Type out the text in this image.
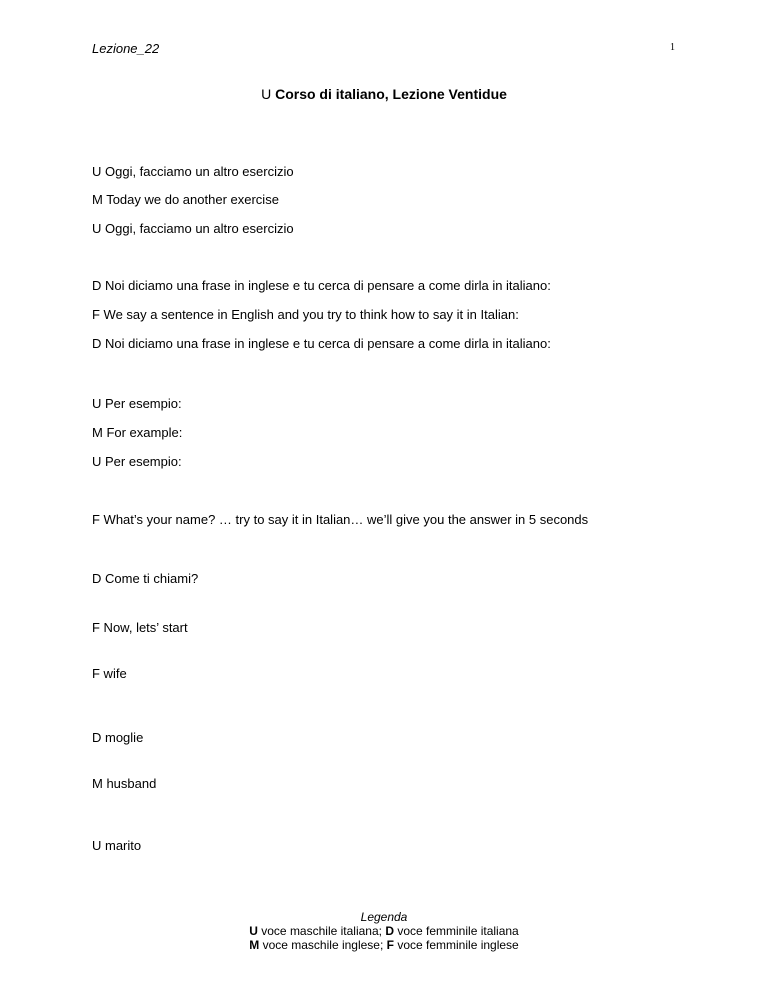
Lezione_22	1
U Corso di italiano, Lezione Ventidue
U Oggi, facciamo un altro esercizio
M Today we do another exercise
U Oggi, facciamo un altro esercizio
D Noi diciamo una frase in inglese e tu cerca di pensare a come dirla in italiano:
F We say a sentence in English and you try to think how to say it in Italian:
D Noi diciamo una frase in inglese e tu cerca di pensare a come dirla in italiano:
U Per esempio:
M For example:
U Per esempio:
F What’s your name? … try to say it in Italian… we’ll give you the answer in 5 seconds
D Come ti chiami?
F Now, lets’ start
F wife
D moglie
M husband
U marito
Legenda
U voce maschile italiana; D voce femminile italiana
M voce maschile inglese; F voce femminile inglese
